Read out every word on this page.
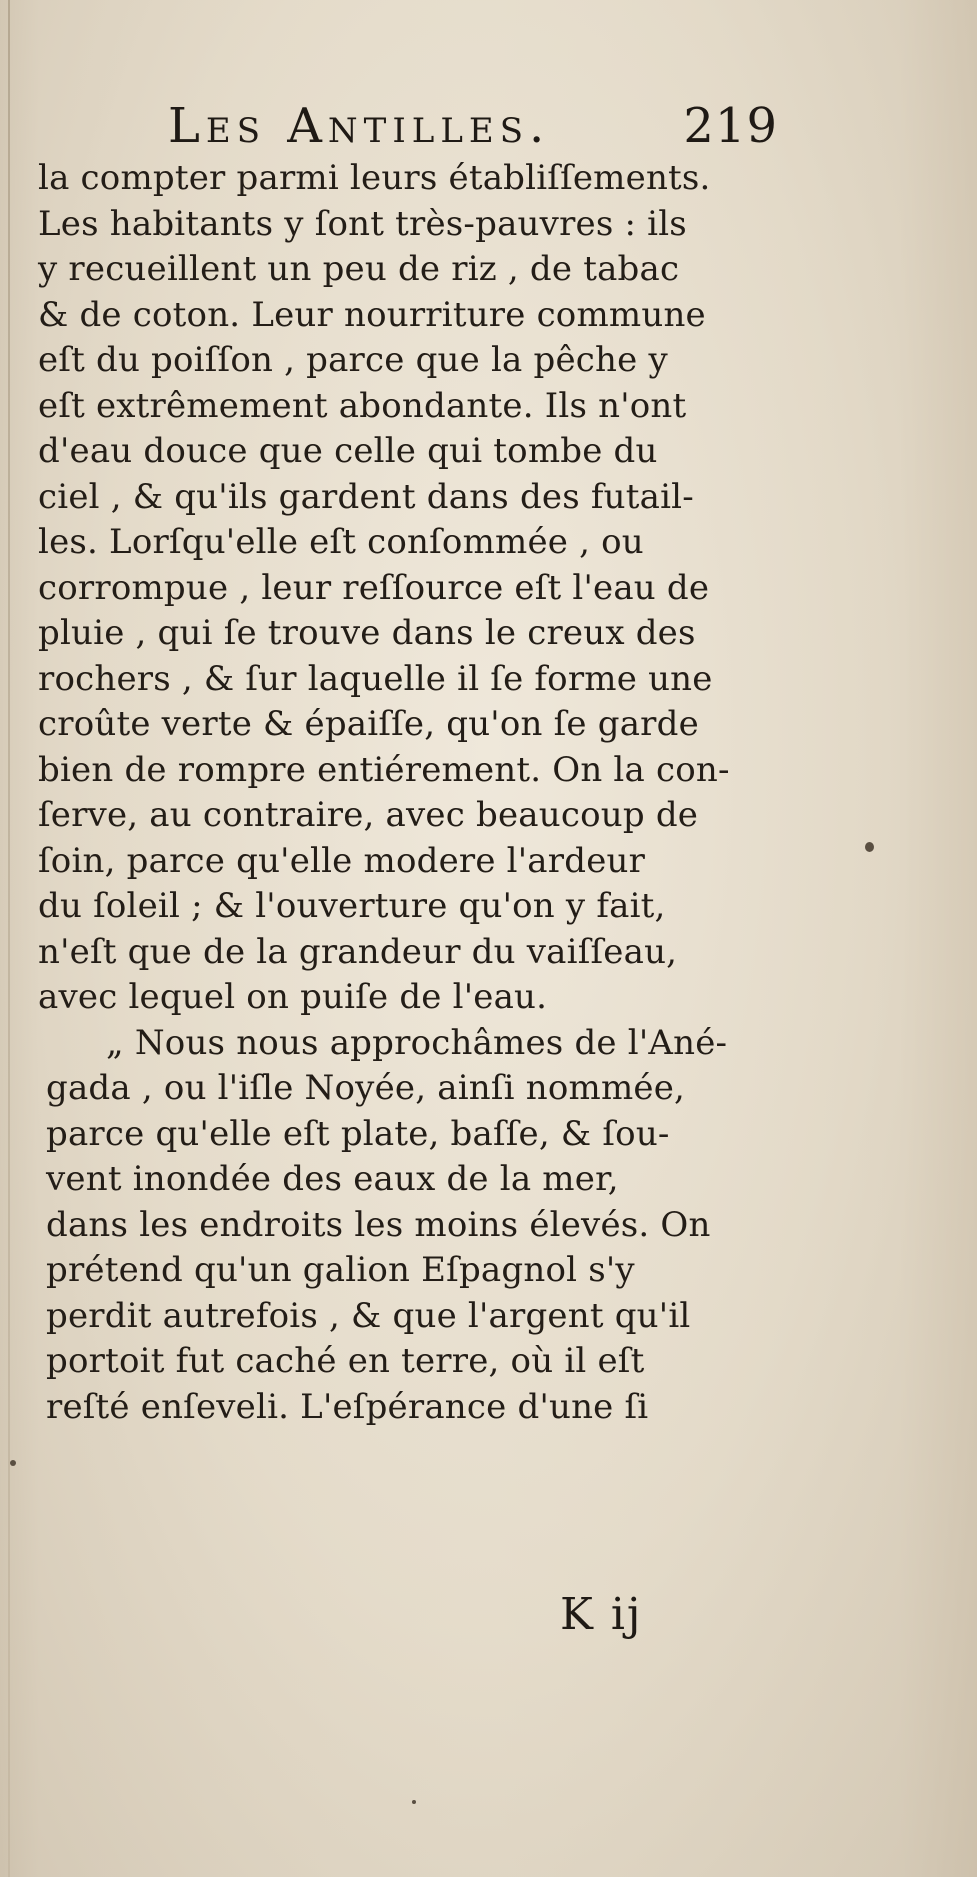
Les Antilles.	219
la compter parmi leurs établiſſements.
Les habitants y ſont très-pauvres : ils
y recueillent un peu de riz , de tabac
& de coton. Leur nourriture commune
eſt du poiſſon , parce que la pêche y
eſt extrêmement abondante. Ils n'ont
d'eau douce que celle qui tombe du
ciel , & qu'ils gardent dans des futail-
les. Lorſqu'elle eſt conſommée , ou
corrompue , leur reſſource eſt l'eau de
pluie , qui ſe trouve dans le creux des
rochers , & ſur laquelle il ſe forme une
croûte verte & épaiſſe, qu'on ſe garde
bien de rompre entiérement. On la con-
ſerve, au contraire, avec beaucoup de
ſoin, parce qu'elle modere l'ardeur
du ſoleil ; & l'ouverture qu'on y fait,
n'eſt que de la grandeur du vaiſſeau,
avec lequel on puiſe de l'eau.
„ Nous nous approchâmes de l'Ané-
gada , ou l'iſle Noyée, ainſi nommée,
parce qu'elle eſt plate, baſſe, & ſou-
vent inondée des eaux de la mer,
dans les endroits les moins élevés. On
prétend qu'un galion Eſpagnol s'y
perdit autrefois , & que l'argent qu'il
portoit fut caché en terre, où il eſt
reſté enſeveli. L'eſpérance d'une ſi
K ij
